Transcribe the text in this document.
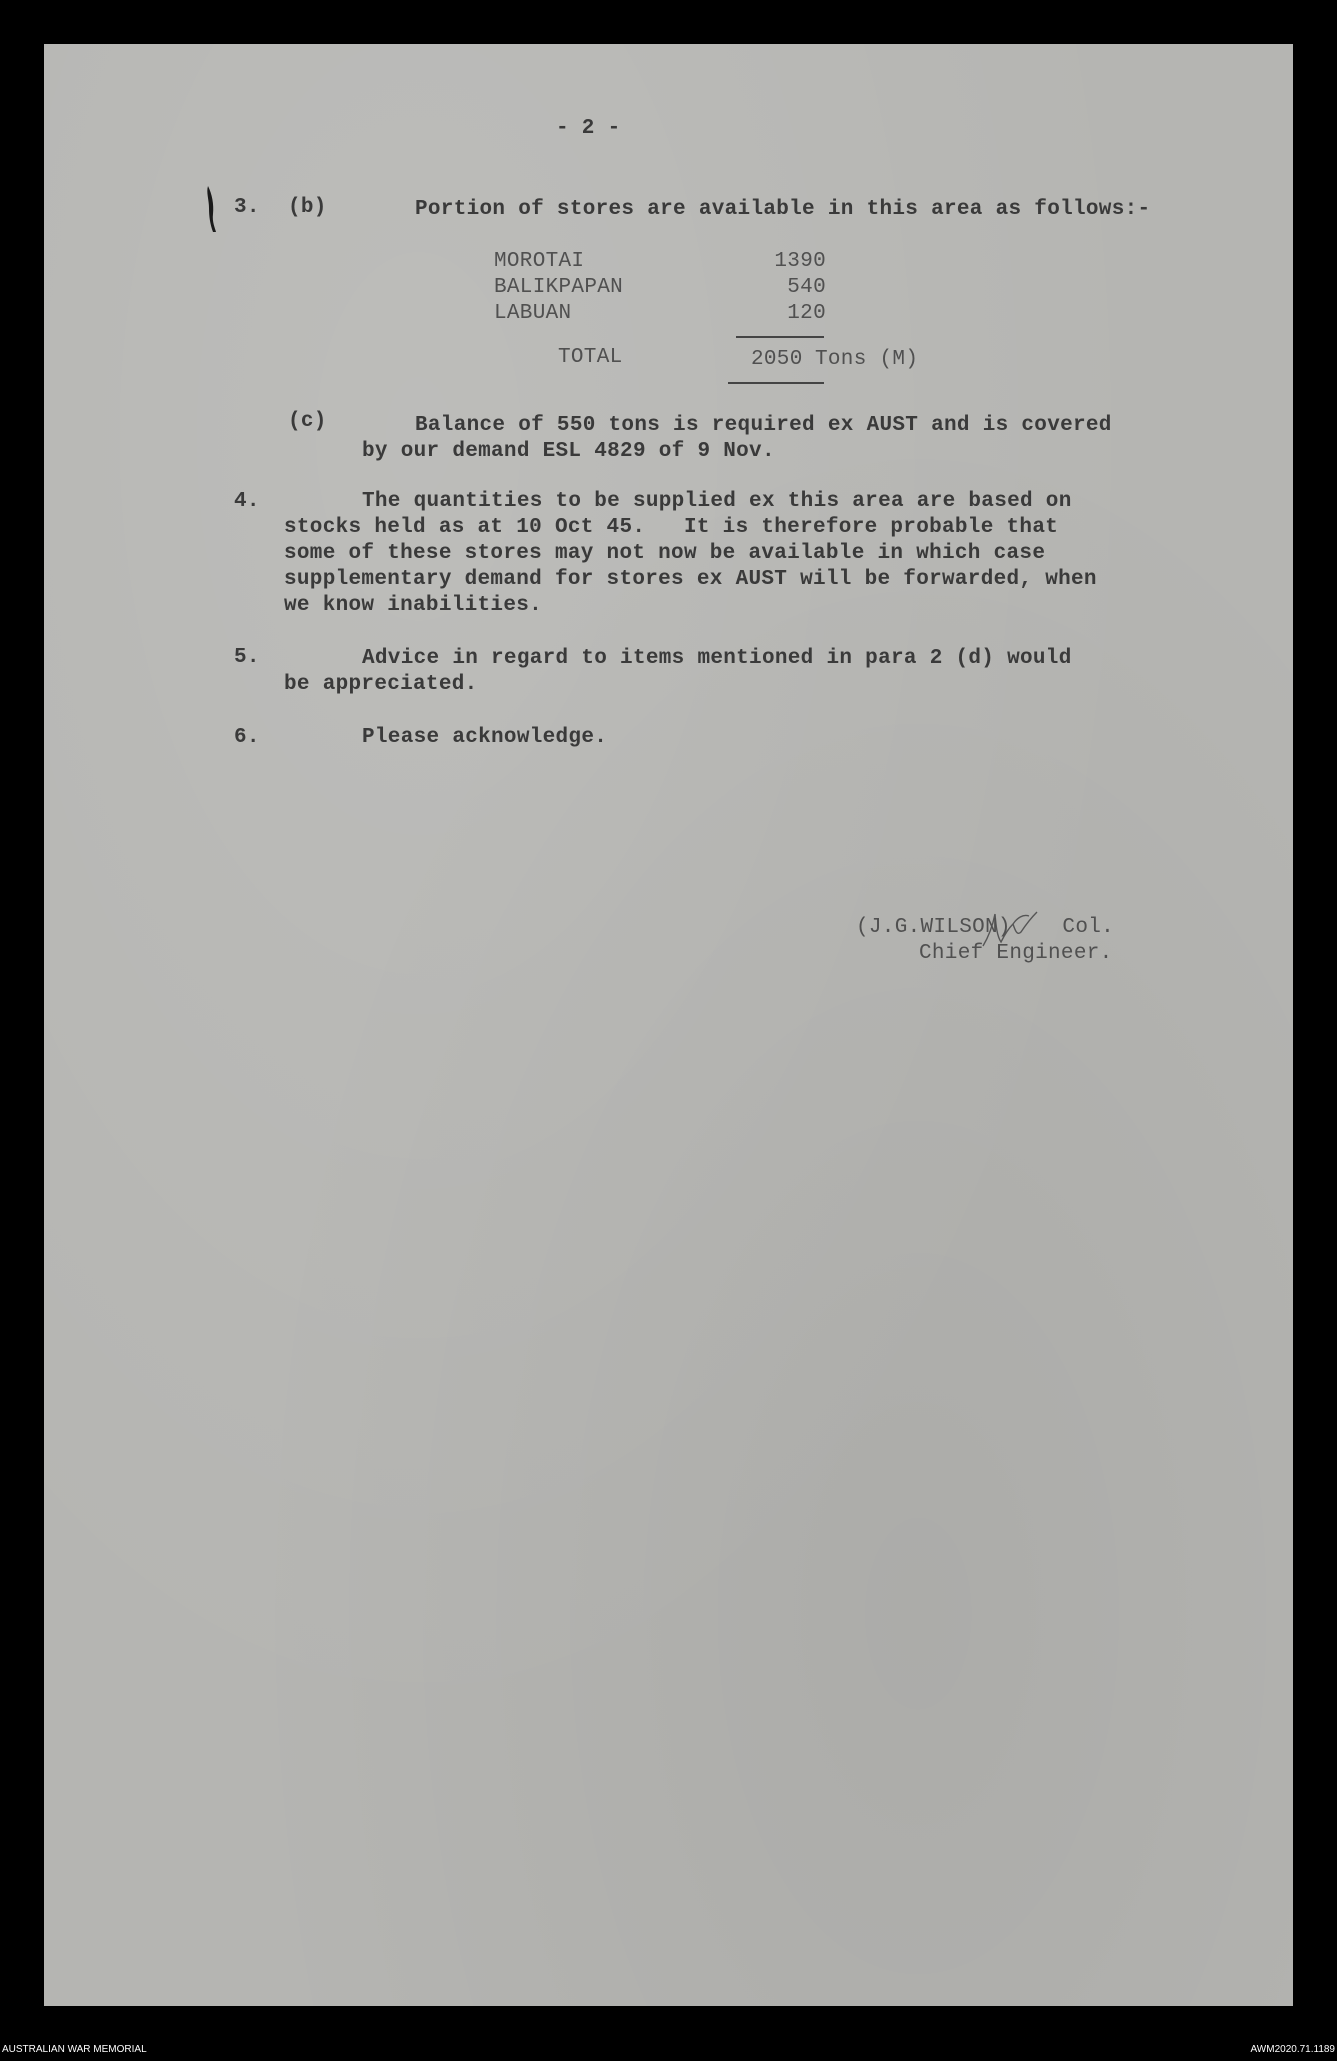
- 2 -
3. (b)	Portion of stores are available in this area as follows:-
MOROTAI	1390
BALIKPAPAN	540
LABUAN	120
TOTAL	2050 Tons (M)
(c)	Balance of 550 tons is required ex AUST and is covered
by our demand ESL 4829 of 9 Nov.
4.	The quantities to be supplied ex this area are based on
stocks held as at 10 Oct 45.   It is therefore probable that
some of these stores may not now be available in which case
supplementary demand for stores ex AUST will be forwarded, when
we know inabilities.
5.	Advice in regard to items mentioned in para 2 (d) would
be appreciated.
6.	Please acknowledge.
(J.G.WILSON)    Col.
Chief Engineer.
AUSTRALIAN WAR MEMORIAL	AWM2020.71.1189
